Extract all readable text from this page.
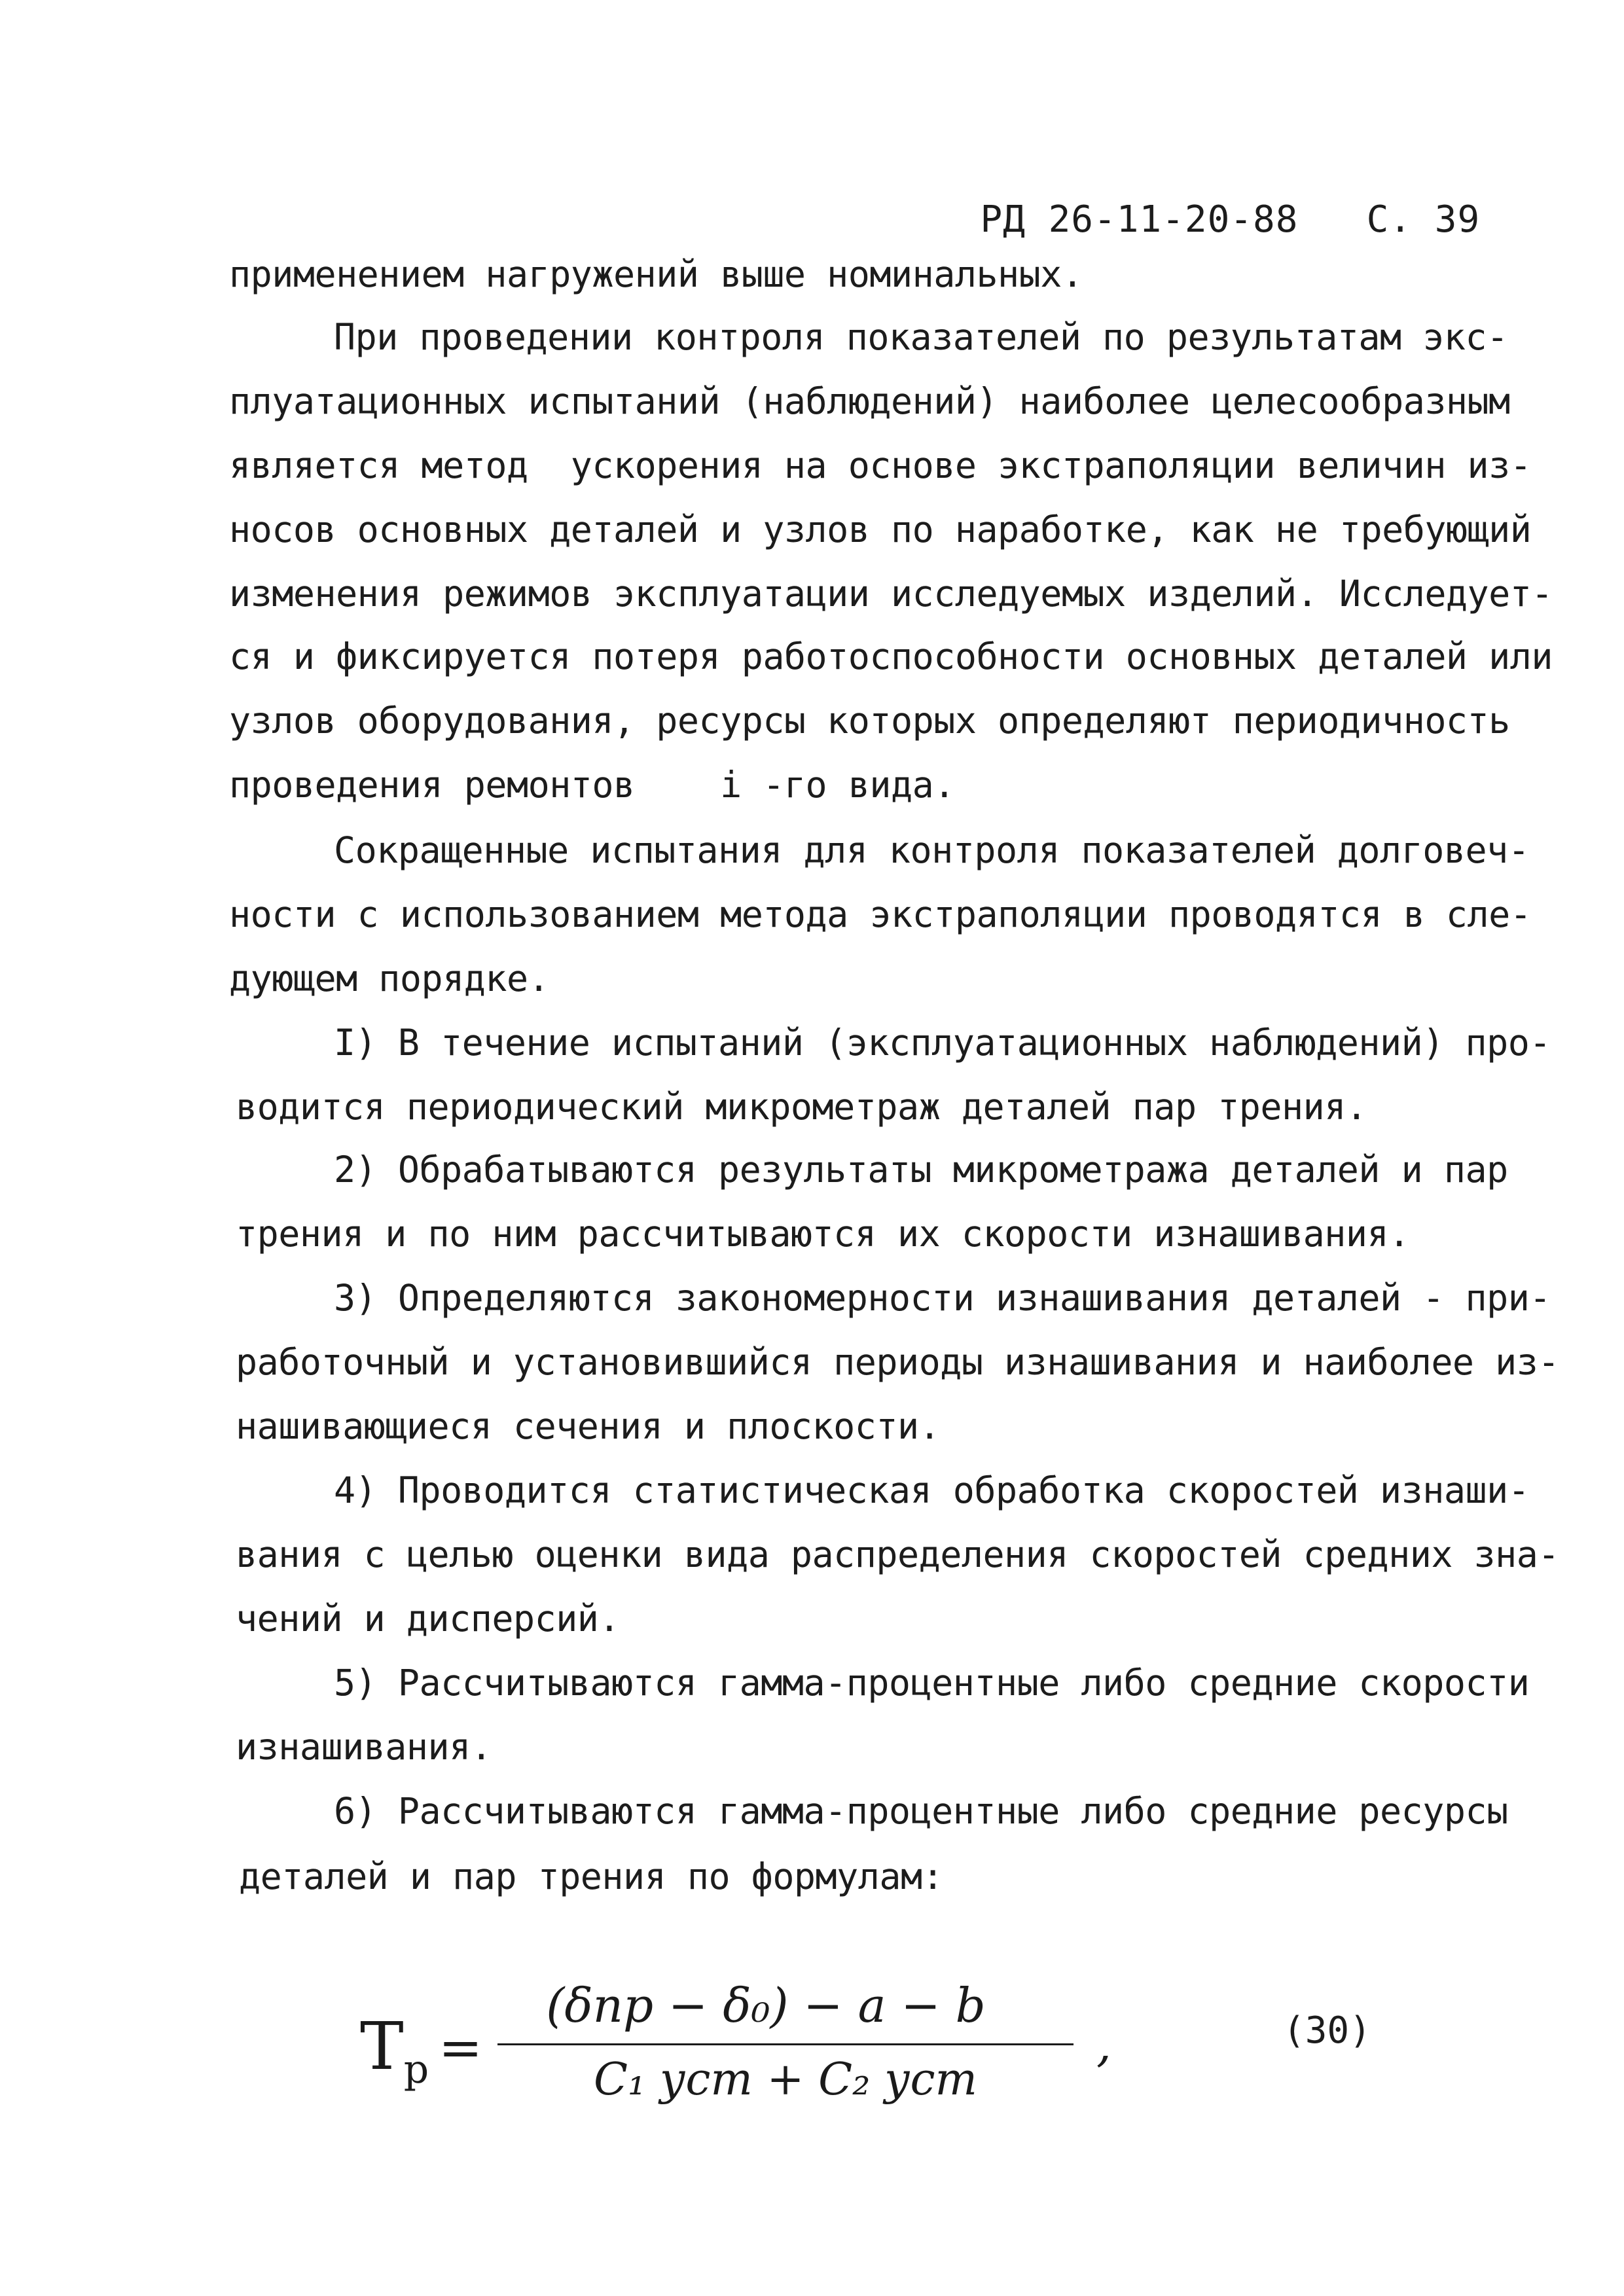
РД 26-11-20-88 С. 39

применением нагружений выше номинальных.
При проведении контроля показателей по результатам экс-
плуатационных испытаний (наблюдений) наиболее целесообразным
является метод  ускорения на основе экстраполяции величин из-
носов основных деталей и узлов по наработке, как не требующий
изменения режимов эксплуатации исследуемых изделий. Исследует-
ся и фиксируется потеря работоспособности основных деталей или
узлов оборудования, ресурсы которых определяют периодичность
проведения ремонтов    i -го вида.
Сокращенные испытания для контроля показателей долговеч-
ности с использованием метода экстраполяции проводятся в сле-
дующем порядке.
I) В течение испытаний (эксплуатационных наблюдений) про-
водится периодический микрометраж деталей пар трения.
2) Обрабатываются результаты микрометража деталей и пар
трения и по ним рассчитываются их скорости изнашивания.
3) Определяются закономерности изнашивания деталей - при-
работочный и установившийся периоды изнашивания и наиболее из-
нашивающиеся сечения и плоскости.
4) Проводится статистическая обработка скоростей изнаши-
вания с целью оценки вида распределения скоростей средних зна-
чений и дисперсий.
5) Рассчитываются гамма-процентные либо средние скорости
изнашивания.
6) Рассчитываются гамма-процентные либо средние ресурсы
деталей и пар трения по формулам:
$T_p$ =
(δпр − δ₀) − a − b
C₁ уст + C₂ уст
,	(30)
